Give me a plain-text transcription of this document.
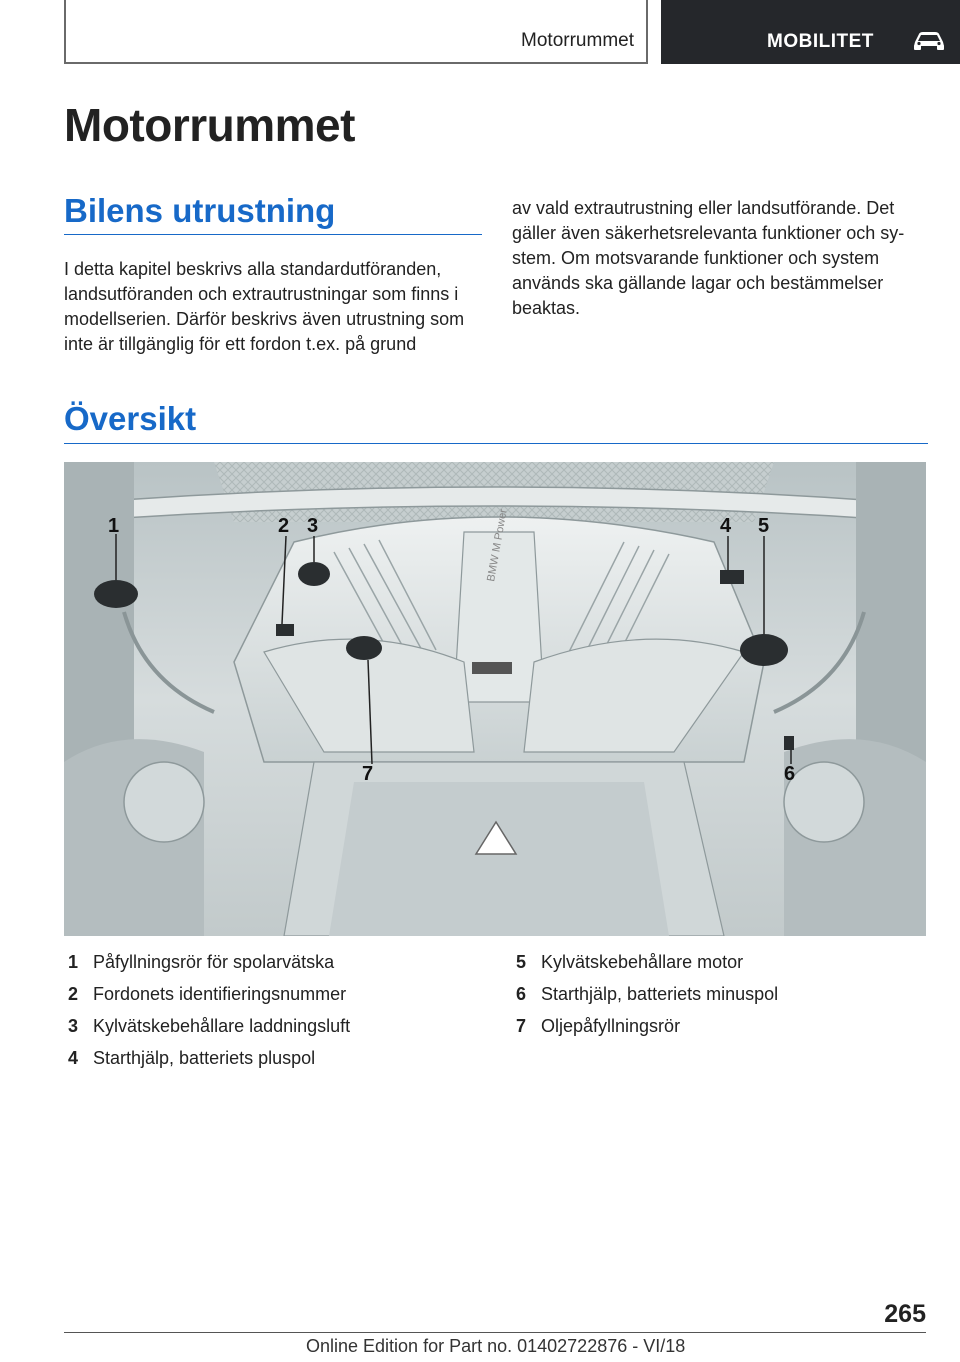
Motorrummet	MOBILITET
Motorrummet
Bilens utrustning

I detta kapitel beskrivs alla standardutföranden, landsutföranden och extrautrustningar som finns i modellserien. Därför beskrivs även utrustning som inte är tillgänglig för ett fordon t.ex. på grund

av vald extrautrustning eller landsutförande. Det gäller även säkerhetsrelevanta funktioner och system. Om motsvarande funktioner och system används ska gällande lagar och bestämmelser beaktas.

Översikt
BMW M Power
1	2 3	4 5
6
7
1 Påfyllningsrör för spolarvätska
2 Fordonets identifieringsnummer
3 Kylvätskebehållare laddningsluft
4 Starthjälp, batteriets pluspol
5 Kylvätskebehållare motor
6 Starthjälp, batteriets minuspol
7 Oljepåfyllningsrör
265
Online Edition for Part no. 01402722876 - VI/18
